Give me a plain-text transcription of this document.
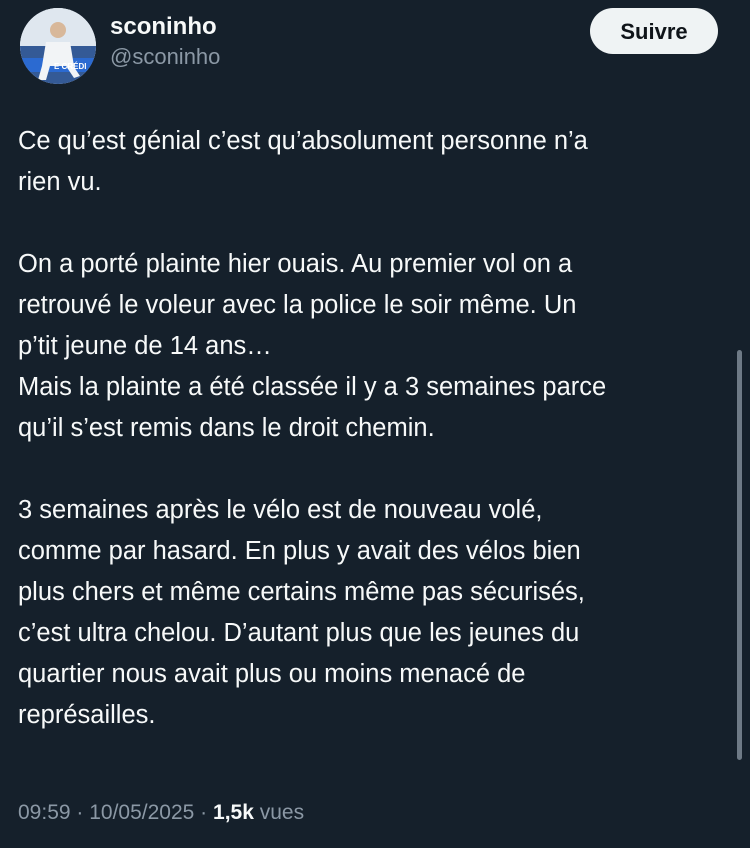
E CRÉDI
sconinho
@sconinho
Suivre

Ce qu’est génial c’est qu’absolument personne n’a
rien vu.

On a porté plainte hier ouais. Au premier vol on a
retrouvé le voleur avec la police le soir même. Un
p’tit jeune de 14 ans…
Mais la plainte a été classée il y a 3 semaines parce
qu’il s’est remis dans le droit chemin.

3 semaines après le vélo est de nouveau volé,
comme par hasard. En plus y avait des vélos bien
plus chers et même certains même pas sécurisés,
c’est ultra chelou. D’autant plus que les jeunes du
quartier nous avait plus ou moins menacé de
représailles.

09:59 · 10/05/2025 · 1,5k vues
